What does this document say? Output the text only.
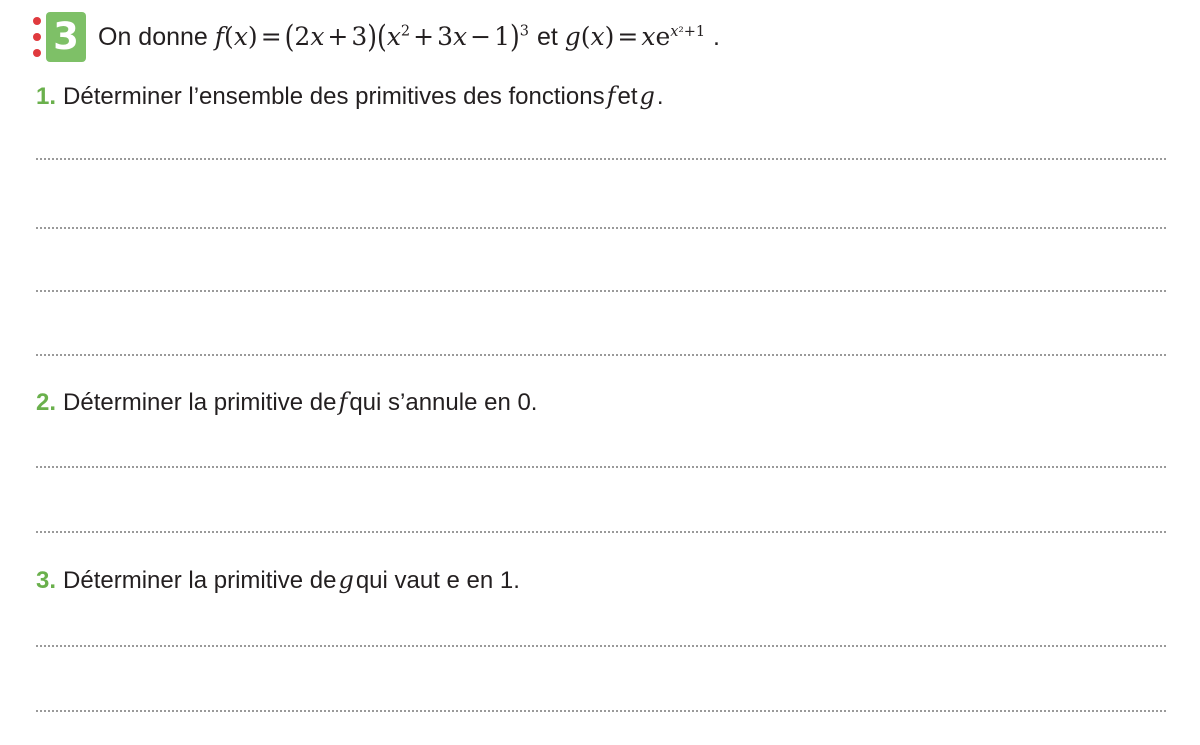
3 On donne $f(x) = (2x + 3)(x^2 + 3x - 1)^3$ et $g(x) = xe^{x^2+1}$ .
1. Déterminer l’ensemble des primitives des fonctionsfetg.
2. Déterminer la primitive defqui s’annule en 0.
3. Déterminer la primitive degqui vaut e en 1.
